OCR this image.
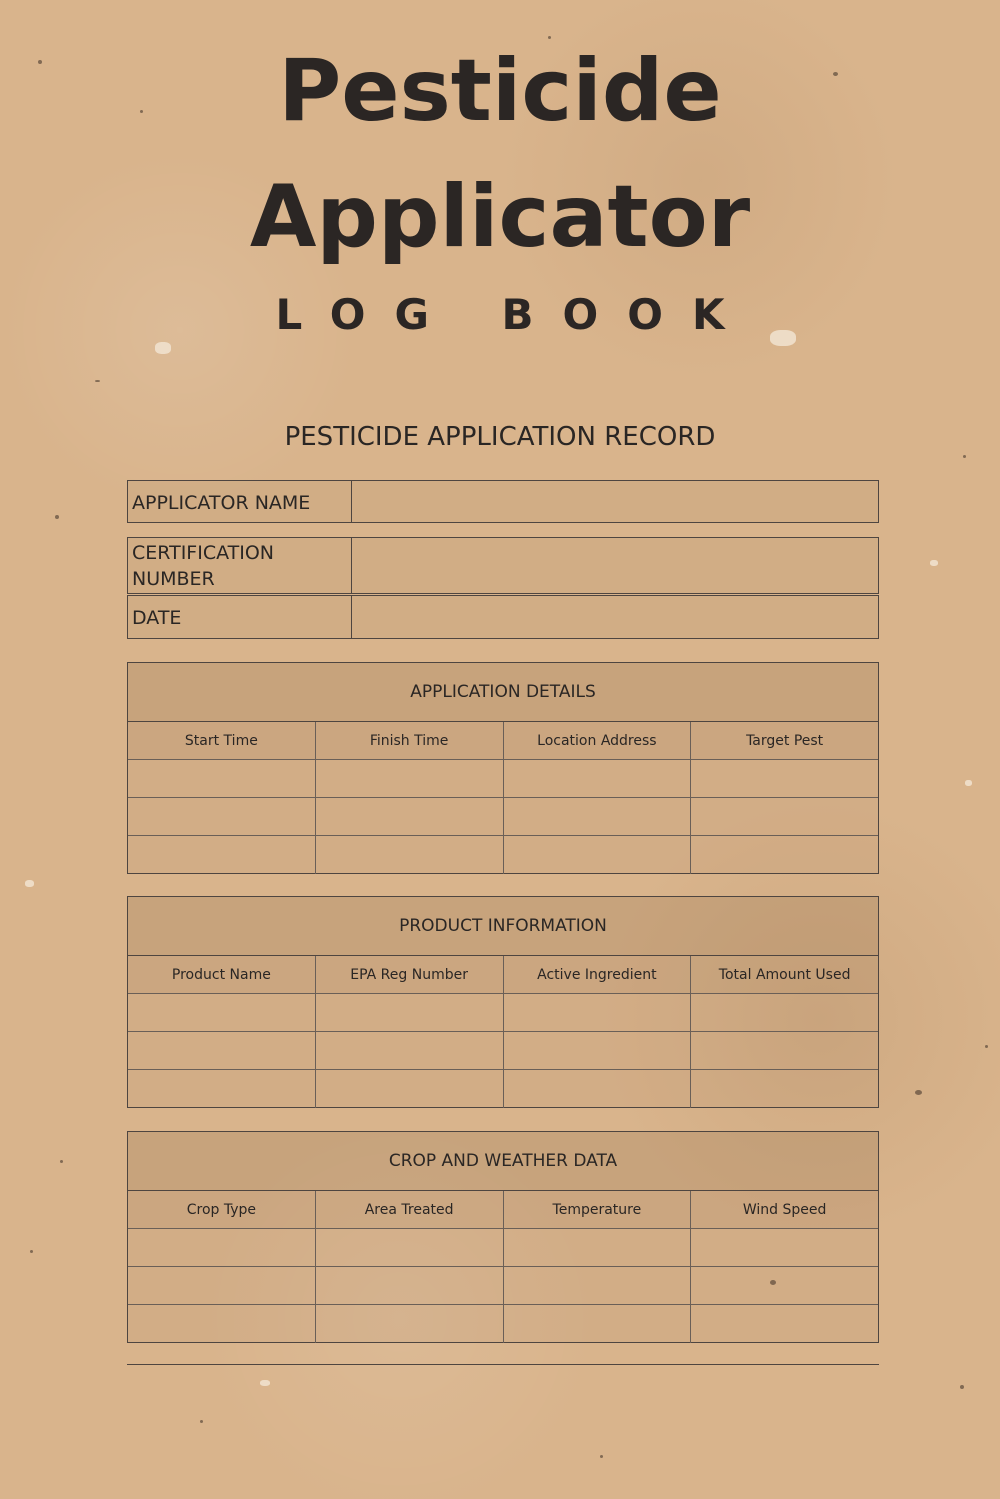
Pesticide
Applicator
LOG BOOK
PESTICIDE APPLICATION RECORD
APPLICATOR NAME
CERTIFICATION NUMBER
DATE
APPLICATION DETAILS
Start Time	Finish Time	Location Address	Target Pest
PRODUCT INFORMATION
Product Name	EPA Reg Number	Active Ingredient	Total Amount Used
CROP AND WEATHER DATA
Crop Type	Area Treated	Temperature	Wind Speed
